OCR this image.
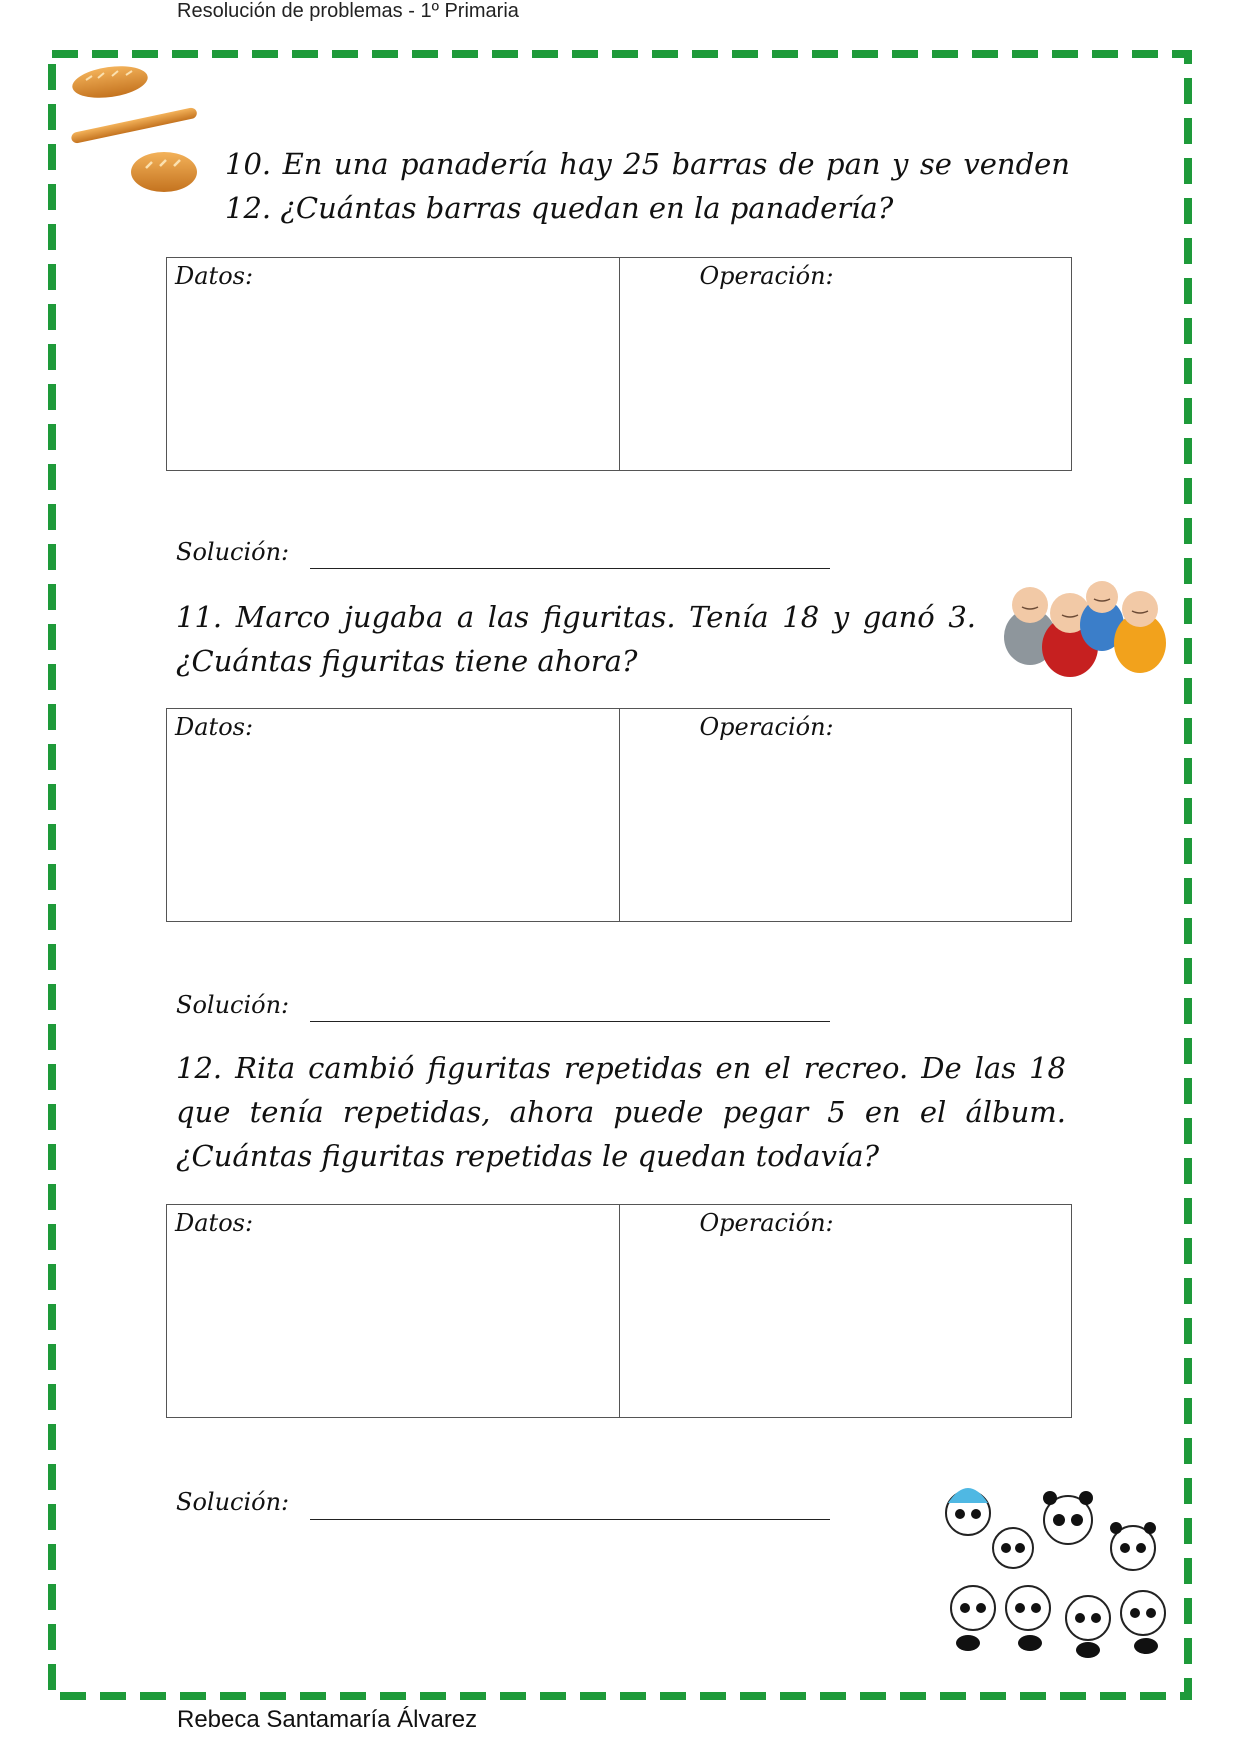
Resolución de problemas - 1º Primaria

10. En una panadería hay 25 barras de pan y se venden 12. ¿Cuántas barras quedan en la panadería?

Datos:	Operación:
Solución:

11. Marco jugaba a las figuritas. Tenía 18 y ganó 3. ¿Cuántas figuritas tiene ahora?

Datos:	Operación:
Solución:

12. Rita cambió figuritas repetidas en el recreo. De las 18 que tenía repetidas, ahora puede pegar 5 en el álbum. ¿Cuántas figuritas repetidas le quedan todavía?

Datos:	Operación:
Solución:
Rebeca Santamaría Álvarez
